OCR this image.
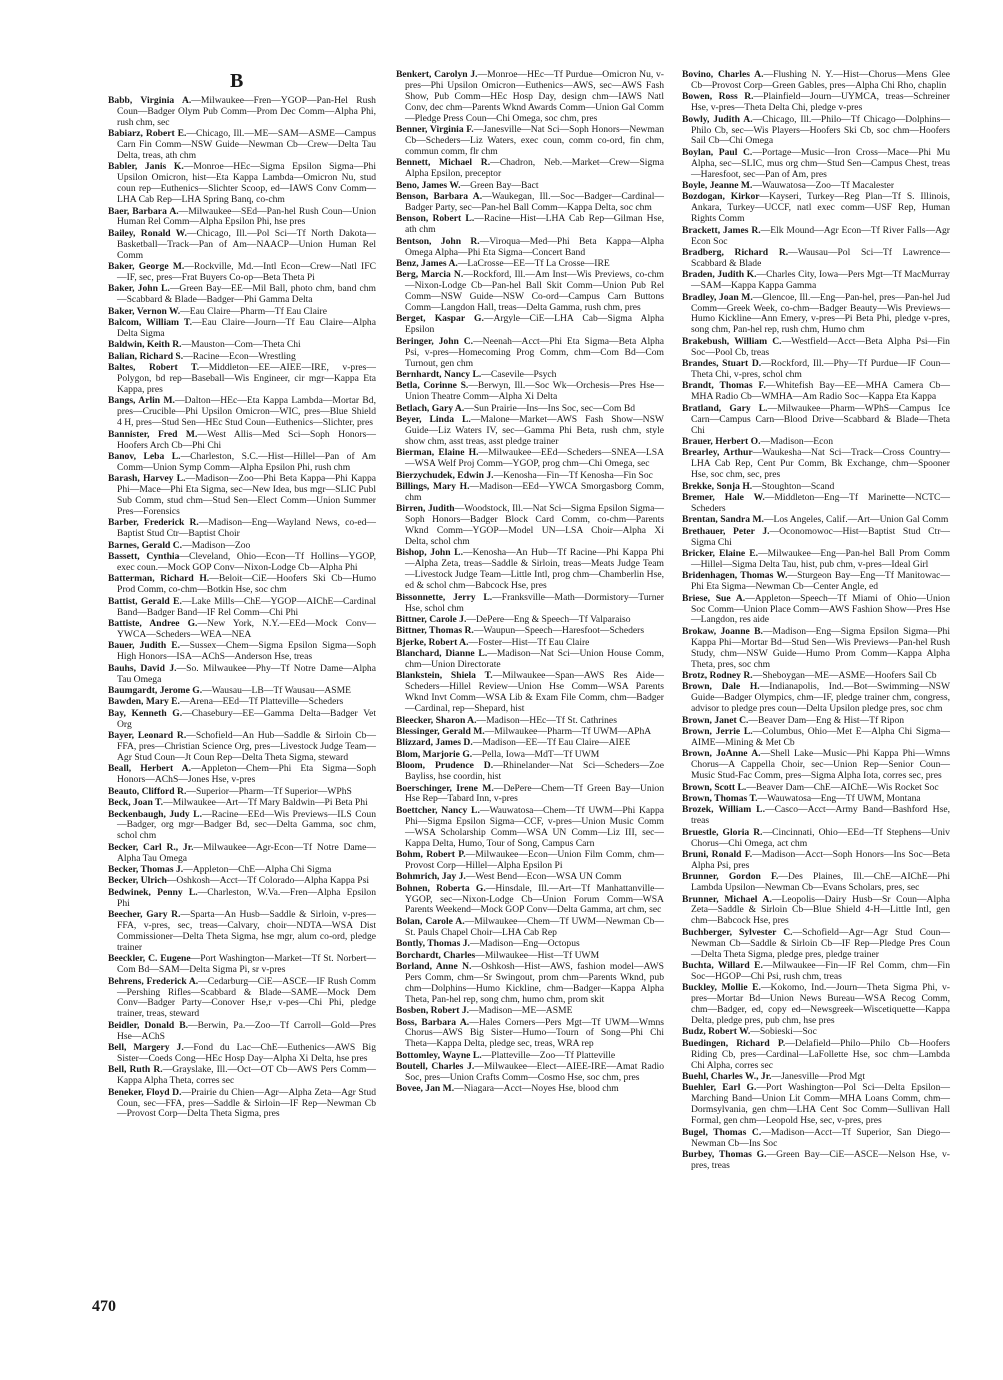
B
Babb, Virginia A.—Milwaukee—Fren—YGOP—Pan-Hel Rush Coun—Badger Olym Pub Comm—Prom Dec Comm—Alpha Phi, rush chm, sec
Babiarz, Robert E.—Chicago, Ill.—ME—SAM—ASME—Campus Carn Fin Comm—NSW Guide—Newman Cb—Crew—Delta Tau Delta, treas, ath chm
Babler, Janis K.—Monroe—HEc—Sigma Epsilon Sigma—Phi Upsilon Omicron, hist—Eta Kappa Lambda—Omicron Nu, stud coun rep—Euthenics—Slichter Scoop, ed—IAWS Conv Comm—LHA Cab Rep—LHA Spring Banq, co-chm
Baer, Barbara A.—Milwaukee—SEd—Pan-hel Rush Coun—Union Human Rel Comm—Alpha Epsilon Phi, hse pres
Bailey, Ronald W.—Chicago, Ill.—Pol Sci—Tf North Dakota—Basketball—Track—Pan of Am—NAACP—Union Human Rel Comm
Baker, George M.—Rockville, Md.—Intl Econ—Crew—Natl IFC—IF, sec, pres—Frat Buyers Co-op—Beta Theta Pi
Baker, John L.—Green Bay—EE—Mil Ball, photo chm, band chm—Scabbard & Blade—Badger—Phi Gamma Delta
Baker, Vernon W.—Eau Claire—Pharm—Tf Eau Claire
Balcom, William T.—Eau Claire—Journ—Tf Eau Claire—Alpha Delta Sigma
Baldwin, Keith R.—Mauston—Com—Theta Chi
Balian, Richard S.—Racine—Econ—Wrestling
Baltes, Robert T.—Middleton—EE—AIEE—IRE, v-pres—Polygon, bd rep—Baseball—Wis Engineer, cir mgr—Kappa Eta Kappa, pres
Bangs, Arlin M.—Dalton—HEc—Eta Kappa Lambda—Mortar Bd, pres—Crucible—Phi Upsilon Omicron—WIC, pres—Blue Shield 4 H, pres—Stud Sen—HEc Stud Coun—Euthenics—Slichter, pres
Bannister, Fred M.—West Allis—Med Sci—Soph Honors—Hoofers Arch Cb—Phi Chi
Banov, Leba L.—Charleston, S.C.—Hist—Hillel—Pan of Am Comm—Union Symp Comm—Alpha Epsilon Phi, rush chm
Barash, Harvey L.—Madison—Zoo—Phi Beta Kappa—Phi Kappa Phi—Mace—Phi Eta Sigma, sec—New Idea, bus mgr—SLIC Publ Sub Comm, stud chm—Stud Sen—Elect Comm—Union Summer Pres—Forensics
Barber, Frederick R.—Madison—Eng—Wayland News, co-ed—Baptist Stud Ctr—Baptist Choir
Barnes, Gerald C.—Madison—Zoo
Bassett, Cynthia—Cleveland, Ohio—Econ—Tf Hollins—YGOP, exec coun.—Mock GOP Conv—Nixon-Lodge Cb—Alpha Phi
Batterman, Richard H.—Beloit—CiE—Hoofers Ski Cb—Humo Prod Comm, co-chm—Botkin Hse, soc chm
Battist, Gerald E.—Lake Mills—ChE—YGOP—AIChE—Cardinal Band—Badger Band—IF Rel Comm—Chi Phi
Battiste, Andree G.—New York, N.Y.—EEd—Mock Conv—YWCA—Scheders—WEA—NEA
Bauer, Judith E.—Sussex—Chem—Sigma Epsilon Sigma—Soph High Honors—ISA—AChS—Anderson Hse, treas
Bauhs, David J.—So. Milwaukee—Phy—Tf Notre Dame—Alpha Tau Omega
Baumgardt, Jerome G.—Wausau—LB—Tf Wausau—ASME
Bawden, Mary E.—Arena—EEd—Tf Platteville—Scheders
Bay, Kenneth G.—Chasebury—EE—Gamma Delta—Badger Vet Org
Bayer, Leonard R.—Schofield—An Hub—Saddle & Sirloin Cb—FFA, pres—Christian Science Org, pres—Livestock Judge Team—Agr Stud Coun—Jt Coun Rep—Delta Theta Sigma, steward
Beall, Herbert A.—Appleton—Chem—Phi Eta Sigma—Soph Honors—AChS—Jones Hse, v-pres
Beauto, Clifford R.—Superior—Pharm—Tf Superior—WPhS
Beck, Joan T.—Milwaukee—Art—Tf Mary Baldwin—Pi Beta Phi
Beckenbaugh, Judy L.—Racine—EEd—Wis Previews—ILS Coun—Badger, org mgr—Badger Bd, sec—Delta Gamma, soc chm, schol chm
Becker, Carl R., Jr.—Milwaukee—Agr-Econ—Tf Notre Dame—Alpha Tau Omega
Becker, Thomas J.—Appleton—ChE—Alpha Chi Sigma
Becker, Ulrich—Oshkosh—Acct—Tf Colorado—Alpha Kappa Psi
Bedwinek, Penny L.—Charleston, W.Va.—Fren—Alpha Epsilon Phi
Beecher, Gary R.—Sparta—An Husb—Saddle & Sirloin, v-pres—FFA, v-pres, sec, treas—Calvary, choir—NDTA—WSA Dist Commissioner—Delta Theta Sigma, hse mgr, alum co-ord, pledge trainer
Beeckler, C. Eugene—Port Washington—Market—Tf St. Norbert—Com Bd—SAM—Delta Sigma Pi, sr v-pres
Behrens, Frederick A.—Cedarburg—CiE—ASCE—IF Rush Comm—Pershing Rifles—Scabbard & Blade—SAME—Mock Dem Conv—Badger Party—Conover Hse,r v-pes—Chi Phi, pledge trainer, treas, steward
Beidler, Donald B.—Berwin, Pa.—Zoo—Tf Carroll—Gold—Pres Hse—AChS
Bell, Margery J.—Fond du Lac—ChE—Euthenics—AWS Big Sister—Coeds Cong—HEc Hosp Day—Alpha Xi Delta, hse pres
Bell, Ruth R.—Grayslake, Ill.—Oct—OT Cb—AWS Pers Comm—Kappa Alpha Theta, corres sec
Beneker, Floyd D.—Prairie du Chien—Agr—Alpha Zeta—Agr Stud Coun, sec—FFA, pres—Saddle & Sirloin—IF Rep—Newman Cb—Provost Corp—Delta Theta Sigma, pres
Benkert, Carolyn J.—Monroe—HEc—Tf Purdue—Omicron Nu, v-pres—Phi Upsilon Omicron—Euthenics—AWS, sec—AWS Fash Show, Pub Comm—HEc Hosp Day, design chm—IAWS Natl Conv, dec chm—Parents Wknd Awards Comm—Union Gal Comm—Pledge Press Coun—Chi Omega, soc chm, pres
Benner, Virginia F.—Janesville—Nat Sci—Soph Honors—Newman Cb—Scheders—Liz Waters, exec coun, comm co-ord, fin chm, commun comm, flr chm
Bennett, Michael R.—Chadron, Neb.—Market—Crew—Sigma Alpha Epsilon, preceptor
Beno, James W.—Green Bay—Bact
Benson, Barbara A.—Waukegan, Ill.—Soc—Badger—Cardinal—Badger Party, sec—Pan-hel Ball Comm—Kappa Delta, soc chm
Benson, Robert L.—Racine—Hist—LHA Cab Rep—Gilman Hse, ath chm
Bentson, John R.—Viroqua—Med—Phi Beta Kappa—Alpha Omega Alpha—Phi Eta Sigma—Concert Band
Benz, James A.—LaCrosse—EE—Tf La Crosse—IRE
Berg, Marcia N.—Rockford, Ill.—Am Inst—Wis Previews, co-chm—Nixon-Lodge Cb—Pan-hel Ball Skit Comm—Union Pub Rel Comm—NSW Guide—NSW Co-ord—Campus Carn Buttons Comm—Langdon Hall, treas—Delta Gamma, rush chm, pres
Berget, Kaspar G.—Argyle—CiE—LHA Cab—Sigma Alpha Epsilon
Beringer, John C.—Neenah—Acct—Phi Eta Sigma—Beta Alpha Psi, v-pres—Homecoming Prog Comm, chm—Com Bd—Com Turnout, gen chm
Bernhardt, Nancy L.—Casevile—Psych
Betla, Corinne S.—Berwyn, Ill.—Soc Wk—Orchesis—Pres Hse—Union Theatre Comm—Alpha Xi Delta
Betlach, Gary A.—Sun Prairie—Ins—Ins Soc, sec—Com Bd
Beyer, Linda L.—Malone—Market—AWS Fash Show—NSW Guide—Liz Waters IV, sec—Gamma Phi Beta, rush chm, style show chm, asst treas, asst pledge trainer
Bierman, Elaine H.—Milwaukee—EEd—Scheders—SNEA—LSA—WSA Welf Proj Comm—YGOP, prog chm—Chi Omega, sec
Bierzychudek, Edwin J.—Kenosha—Fin—Tf Kenosha—Fin Soc
Billings, Mary H.—Madison—EEd—YWCA Smorgasborg Comm, chm
Birren, Judith—Woodstock, Ill.—Nat Sci—Sigma Epsilon Sigma—Soph Honors—Badger Block Card Comm, co-chm—Parents Wknd Comm—YGOP—Model UN—LSA Choir—Alpha Xi Delta, schol chm
Bishop, John L.—Kenosha—An Hub—Tf Racine—Phi Kappa Phi—Alpha Zeta, treas—Saddle & Sirloin, treas—Meats Judge Team—Livestock Judge Team—Little Intl, prog chm—Chamberlin Hse, ed & schol chm—Babcock Hse, pres
Bissonnette, Jerry L.—Franksville—Math—Dormistory—Turner Hse, schol chm
Bittner, Carole J.—DePere—Eng & Speech—Tf Valparaiso
Bittner, Thomas R.—Waupun—Speech—Haresfoot—Scheders
Bjerke, Robert A.—Foster—Hist—Tf Eau Claire
Blanchard, Dianne L.—Madison—Nat Sci—Union House Comm, chm—Union Directorate
Blankstein, Shiela T.—Milwaukee—Span—AWS Res Aide—Scheders—Hillel Review—Union Hse Comm—WSA Parents Wknd Invt Comm—WSA Lib & Exam File Comm, chm—Badger—Cardinal, rep—Shepard, hist
Bleecker, Sharon A.—Madison—HEc—Tf St. Cathrines
Blessinger, Gerald M.—Milwaukee—Pharm—Tf UWM—APhA
Blizzard, James D.—Madison—EE—Tf Eau Claire—AIEE
Blom, Marjorie G.—Pella, Iowa—MdT—Tf UWM
Bloom, Prudence D.—Rhinelander—Nat Sci—Scheders—Zoe Bayliss, hse coordin, hist
Boerschinger, Irene M.—DePere—Chem—Tf Green Bay—Union Hse Rep—Tabard Inn, v-pres
Boettcher, Nancy L.—Wauwatosa—Chem—Tf UWM—Phi Kappa Phi—Sigma Epsilon Sigma—CCF, v-pres—Union Music Comm—WSA Scholarship Comm—WSA UN Comm—Liz III, sec—Kappa Delta, Humo, Tour of Song, Campus Carn
Bohm, Robert P.—Milwaukee—Econ—Union Film Comm, chm—Provost Corp—Hillel—Alpha Epsilon Pi
Bohmrich, Jay J.—West Bend—Econ—WSA UN Comm
Bohnen, Roberta G.—Hinsdale, Ill.—Art—Tf Manhattanville—YGOP, sec—Nixon-Lodge Cb—Union Forum Comm—WSA Parents Weekend—Mock GOP Conv—Delta Gamma, art chm, sec
Bolan, Carole A.—Milwaukee—Chem—Tf UWM—Newman Cb—St. Pauls Chapel Choir—LHA Cab Rep
Bontly, Thomas J.—Madison—Eng—Octopus
Borchardt, Charles—Milwaukee—Hist—Tf UWM
Borland, Anne N.—Oshkosh—Hist—AWS, fashion model—AWS Pers Comm, chm—Sr Swingout, prom chm—Parents Wknd, pub chm—Dolphins—Humo Kickline, chm—Badger—Kappa Alpha Theta, Pan-hel rep, song chm, humo chm, prom skit
Bosben, Robert J.—Madison—ME—ASME
Boss, Barbara A.—Hales Corners—Pers Mgt—Tf UWM—Wmns Chorus—AWS Big Sister—Humo—Tourn of Song—Phi Chi Theta—Kappa Delta, pledge sec, treas, WRA rep
Bottomley, Wayne L.—Platteville—Zoo—Tf Platteville
Boutell, Charles J.—Milwaukee—Elect—AIEE-IRE—Amat Radio Soc, pres—Union Crafts Comm—Cosmo Hse, soc chm, pres
Bovee, Jan M.—Niagara—Acct—Noyes Hse, blood chm
Bovino, Charles A.—Flushing N. Y.—Hist—Chorus—Mens Glee Cb—Provost Corp—Green Gables, pres—Alpha Chi Rho, chaplin
Bowen, Ross R.—Plainfield—Journ—UYMCA, treas—Schreiner Hse, v-pres—Theta Delta Chi, pledge v-pres
Bowly, Judith A.—Chicago, Ill.—Philo—Tf Chicago—Dolphins—Philo Cb, sec—Wis Players—Hoofers Ski Cb, soc chm—Hoofers Sail Cb—Chi Omega
Boylan, Paul C.—Portage—Music—Iron Cross—Mace—Phi Mu Alpha, sec—SLIC, mus org chm—Stud Sen—Campus Chest, treas—Haresfoot, sec—Pan of Am, pres
Boyle, Jeanne M.—Wauwatosa—Zoo—Tf Macalester
Bozdogan, Kirkor—Kayseri, Turkey—Reg Plan—Tf S. Illinois, Ankara, Turkey—UCCF, natl exec comm—USF Rep, Human Rights Comm
Brackett, James R.—Elk Mound—Agr Econ—Tf River Falls—Agr Econ Soc
Bradberg, Richard R.—Wausau—Pol Sci—Tf Lawrence—Scabbard & Blade
Braden, Judith K.—Charles City, Iowa—Pers Mgt—Tf MacMurray—SAM—Kappa Kappa Gamma
Bradley, Joan M.—Glencoe, Ill.—Eng—Pan-hel, pres—Pan-hel Jud Comm—Greek Week, co-chm—Badger Beauty—Wis Previews—Humo Kickline—Ann Emery, v-pres—Pi Beta Phi, pledge v-pres, song chm, Pan-hel rep, rush chm, Humo chm
Brakebush, William C.—Westfield—Acct—Beta Alpha Psi—Fin Soc—Pool Cb, treas
Brandes, Stuart D.—Rockford, Ill.—Phy—Tf Purdue—IF Coun—Theta Chi, v-pres, schol chm
Brandt, Thomas F.—Whitefish Bay—EE—MHA Camera Cb—MHA Radio Cb—WMHA—Am Radio Soc—Kappa Eta Kappa
Bratland, Gary L.—Milwaukee—Pharm—WPhS—Campus Ice Carn—Campus Carn—Blood Drive—Scabbard & Blade—Theta Chi
Brauer, Herbert O.—Madison—Econ
Brearley, Arthur—Waukesha—Nat Sci—Track—Cross Country—LHA Cab Rep, Cent Pur Comm, Bk Exchange, chm—Spooner Hse, soc chm, sec, pres
Brekke, Sonja H.—Stoughton—Scand
Bremer, Hale W.—Middleton—Eng—Tf Marinette—NCTC—Scheders
Brentan, Sandra M.—Los Angeles, Calif.—Art—Union Gal Comm
Brethauer, Peter J.—Oconomowoc—Hist—Baptist Stud Ctr—Sigma Chi
Bricker, Elaine E.—Milwaukee—Eng—Pan-hel Ball Prom Comm—Hillel—Sigma Delta Tau, hist, pub chm, v-pres—Ideal Girl
Bridenhagen, Thomas W.—Sturgeon Bay—Eng—Tf Manitowac—Phi Eta Sigma—Newman Cb—Center Angle, ed
Briese, Sue A.—Appleton—Speech—Tf Miami of Ohio—Union Soc Comm—Union Place Comm—AWS Fashion Show—Pres Hse—Langdon, res aide
Brokaw, Joanne B.—Madison—Eng—Sigma Epsilon Sigma—Phi Kappa Phi—Mortar Bd—Stud Sen—Wis Previews—Pan-hel Rush Study, chm—NSW Guide—Humo Prom Comm—Kappa Alpha Theta, pres, soc chm
Brotz, Rodney R.—Sheboygan—ME—ASME—Hoofers Sail Cb
Brown, Dale H.—Indianapolis, Ind.—Bot—Swimming—NSW Guide—Badger Olympics, chm—IF, pledge trainer chm, congress, advisor to pledge pres coun—Delta Upsilon pledge pres, soc chm
Brown, Janet C.—Beaver Dam—Eng & Hist—Tf Ripon
Brown, Jerrie L.—Columbus, Ohio—Met E—Alpha Chi Sigma—AIME—Mining & Met Cb
Brown, JoAnne A.—Shell Lake—Music—Phi Kappa Phi—Wmns Chorus—A Cappella Choir, sec—Union Rep—Senior Coun—Music Stud-Fac Comm, pres—Sigma Alpha Iota, corres sec, pres
Brown, Scott L.—Beaver Dam—ChE—AIChE—Wis Rocket Soc
Brown, Thomas T.—Wauwatosa—Eng—Tf UWM, Montana
Brozek, William L.—Casco—Acct—Army Band—Bashford Hse, treas
Bruestle, Gloria R.—Cincinnati, Ohio—EEd—Tf Stephens—Univ Chorus—Chi Omega, act chm
Bruni, Ronald F.—Madison—Acct—Soph Honors—Ins Soc—Beta Alpha Psi, pres
Brunner, Gordon F.—Des Plaines, Ill.—ChE—AIChE—Phi Lambda Upsilon—Newman Cb—Evans Scholars, pres, sec
Brunner, Michael A.—Leopolis—Dairy Husb—Sr Coun—Alpha Zeta—Saddle & Sirloin Cb—Blue Shield 4-H—Little Intl, gen chm—Babcock Hse, pres
Buchberger, Sylvester C.—Schofield—Agr—Agr Stud Coun—Newman Cb—Saddle & Sirloin Cb—IF Rep—Pledge Pres Coun—Delta Theta Sigma, pledge pres, pledge trainer
Buchta, Willard E.—Milwaukee—Fin—IF Rel Comm, chm—Fin Soc—HGOP—Chi Psi, rush chm, treas
Buckley, Mollie E.—Kokomo, Ind.—Journ—Theta Sigma Phi, v-pres—Mortar Bd—Union News Bureau—WSA Recog Comm, chm—Badger, ed, copy ed—Newsgreek—Wiscetiquette—Kappa Delta, pledge pres, pub chm, hse pres
Budz, Robert W.—Sobieski—Soc
Buedingen, Richard P.—Delafield—Philo—Philo Cb—Hoofers Riding Cb, pres—Cardinal—LaFollette Hse, soc chm—Lambda Chi Alpha, corres sec
Buehl, Charles W., Jr.—Janesville—Prod Mgt
Buehler, Earl G.—Port Washington—Pol Sci—Delta Epsilon—Marching Band—Union Lit Comm—MHA Loans Comm, chm—Dormsylvania, gen chm—LHA Cent Soc Comm—Sullivan Hall Formal, gen chm—Leopold Hse, sec, v-pres, pres
Bugel, Thomas C.—Madison—Acct—Tf Superior, San Diego—Newman Cb—Ins Soc
Burbey, Thomas G.—Green Bay—CiE—ASCE—Nelson Hse, v-pres, treas
470
